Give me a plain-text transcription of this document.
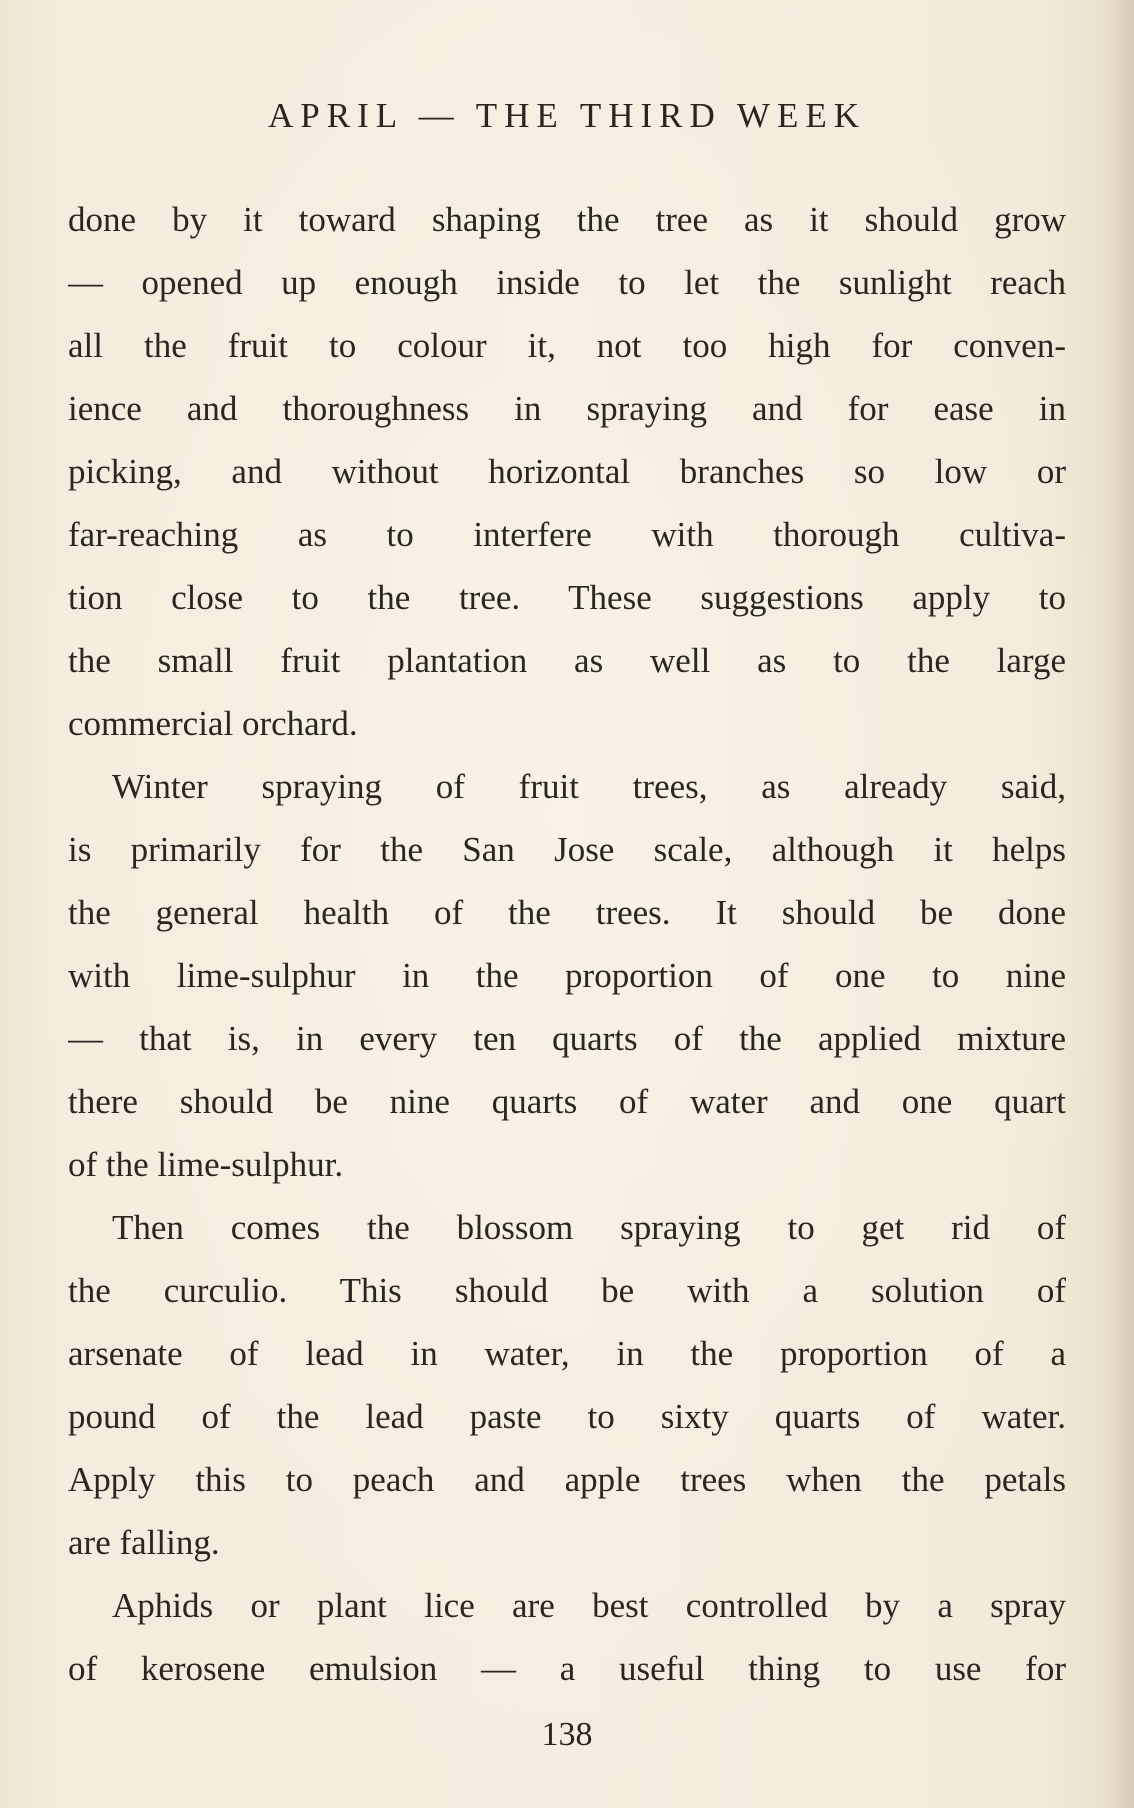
APRIL — THE THIRD WEEK
done by it toward shaping the tree as it should grow
— opened up enough inside to let the sunlight reach
all the fruit to colour it, not too high for conven-
ience and thoroughness in spraying and for ease in
picking, and without horizontal branches so low or
far-reaching as to interfere with thorough cultiva-
tion close to the tree. These suggestions apply to
the small fruit plantation as well as to the large
commercial orchard.
Winter spraying of fruit trees, as already said,
is primarily for the San Jose scale, although it helps
the general health of the trees. It should be done
with lime-sulphur in the proportion of one to nine
— that is, in every ten quarts of the applied mixture
there should be nine quarts of water and one quart
of the lime-sulphur.
Then comes the blossom spraying to get rid of
the curculio. This should be with a solution of
arsenate of lead in water, in the proportion of a
pound of the lead paste to sixty quarts of water.
Apply this to peach and apple trees when the petals
are falling.
Aphids or plant lice are best controlled by a spray
of kerosene emulsion — a useful thing to use for
138
